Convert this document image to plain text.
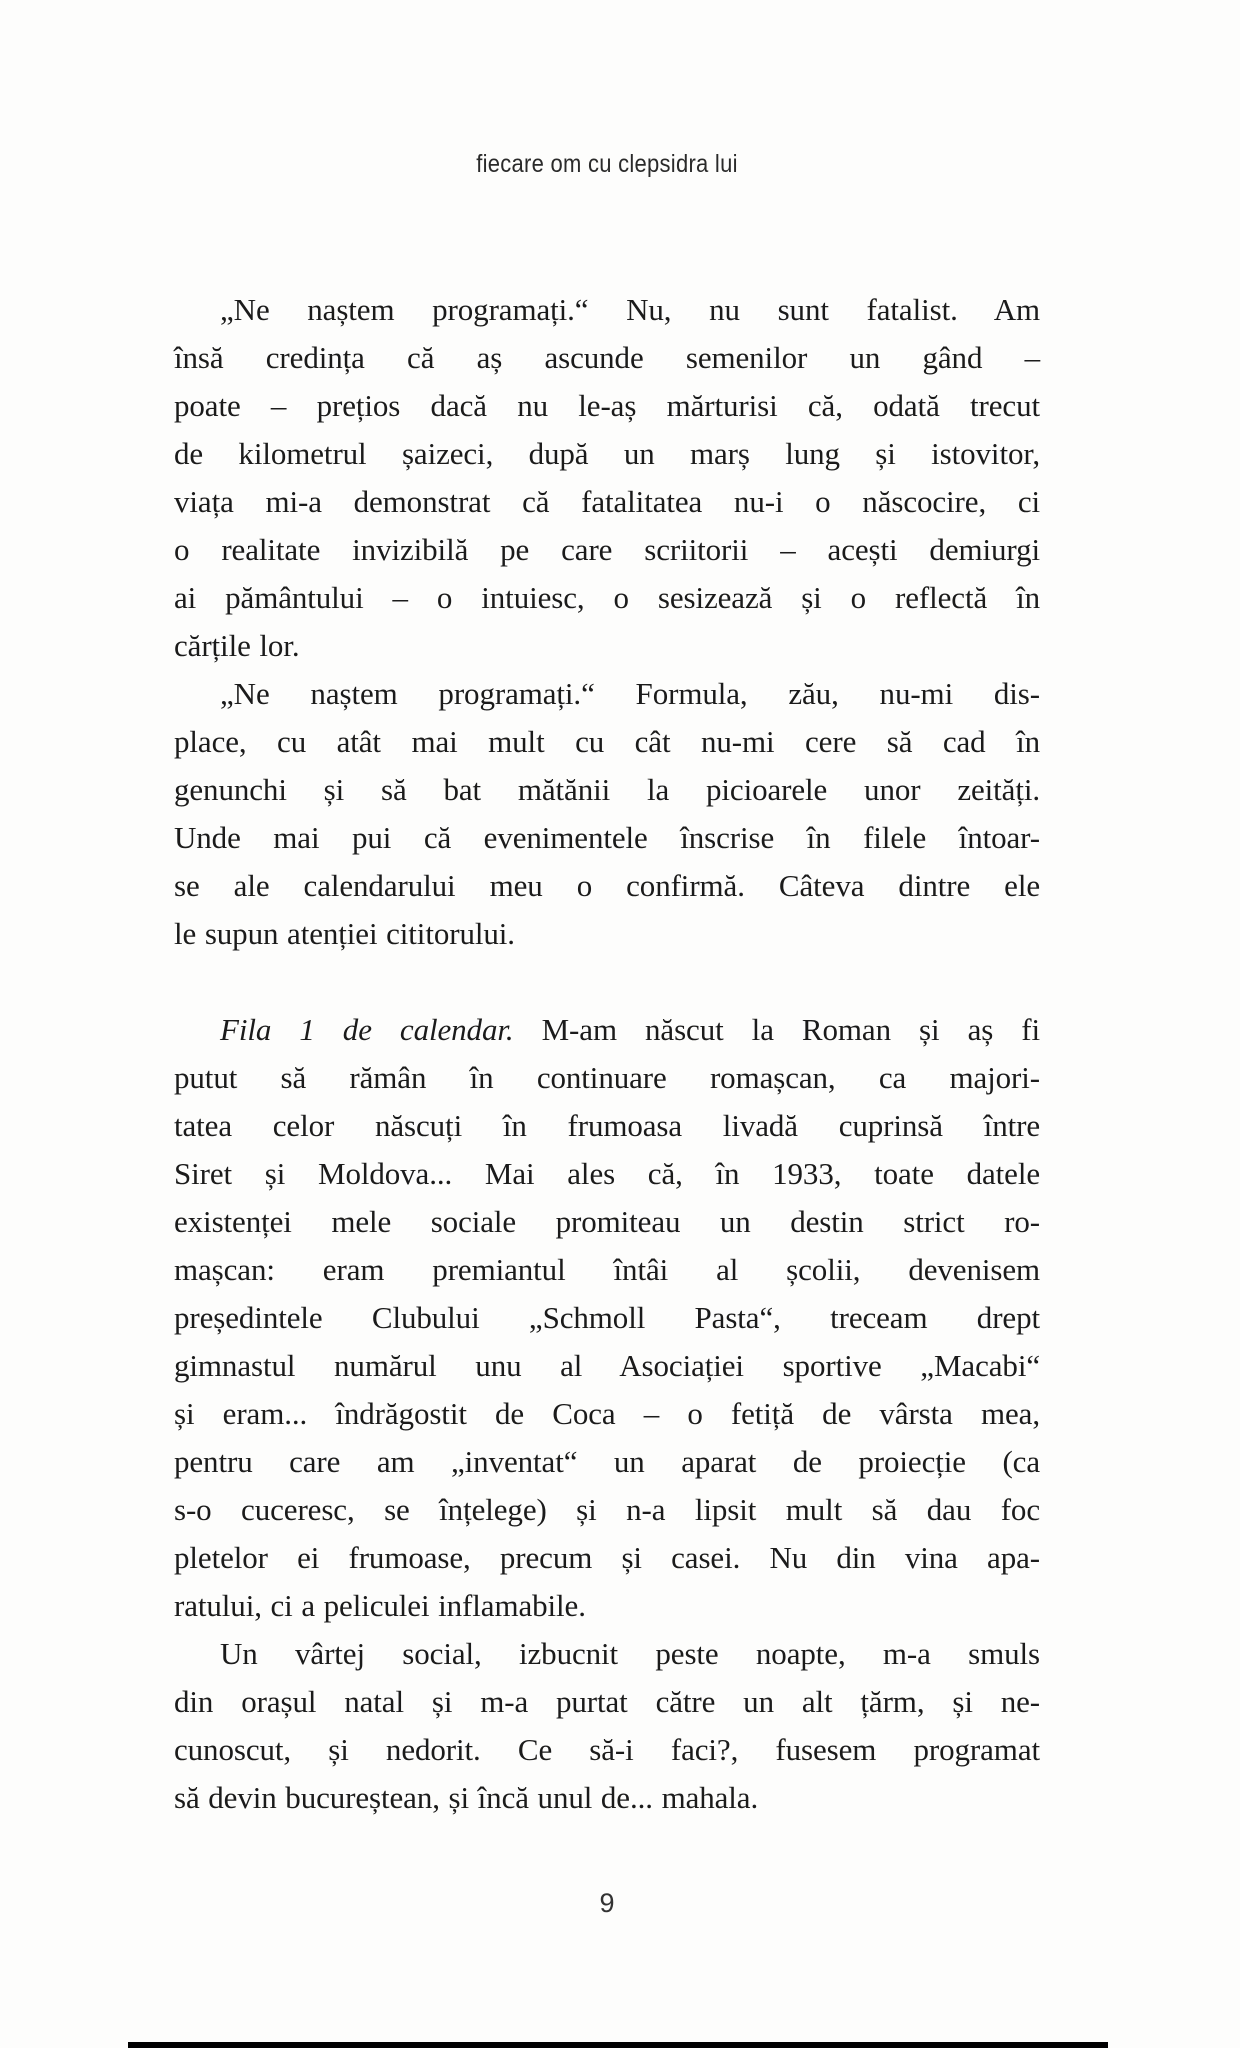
fiecare om cu clepsidra lui
„Ne naștem programați.“ Nu, nu sunt fatalist. Am
însă credința că aș ascunde semenilor un gând –
poate – prețios dacă nu le-aș mărturisi că, odată trecut
de kilometrul șaizeci, după un marș lung și istovitor,
viața mi-a demonstrat că fatalitatea nu-i o născocire, ci
o realitate invizibilă pe care scriitorii – acești demiurgi
ai pământului – o intuiesc, o sesizează și o reflectă în
cărțile lor.
„Ne naștem programați.“ Formula, zău, nu-mi dis-
place, cu atât mai mult cu cât nu-mi cere să cad în
genunchi și să bat mătănii la picioarele unor zeități.
Unde mai pui că evenimentele înscrise în filele întoar-
se ale calendarului meu o confirmă. Câteva dintre ele
le supun atenției cititorului.
Fila 1 de calendar. M-am născut la Roman și aș fi
putut să rămân în continuare romașcan, ca majori-
tatea celor născuți în frumoasa livadă cuprinsă între
Siret și Moldova... Mai ales că, în 1933, toate datele
existenței mele sociale promiteau un destin strict ro-
mașcan: eram premiantul întâi al școlii, devenisem
președintele Clubului „Schmoll Pasta“, treceam drept
gimnastul numărul unu al Asociației sportive „Macabi“
și eram... îndrăgostit de Coca – o fetiță de vârsta mea,
pentru care am „inventat“ un aparat de proiecție (ca
s-o cuceresc, se înțelege) și n-a lipsit mult să dau foc
pletelor ei frumoase, precum și casei. Nu din vina apa-
ratului, ci a peliculei inflamabile.
Un vârtej social, izbucnit peste noapte, m-a smuls
din orașul natal și m-a purtat către un alt țărm, și ne-
cunoscut, și nedorit. Ce să-i faci?, fusesem programat
să devin bucureștean, și încă unul de... mahala.
9
